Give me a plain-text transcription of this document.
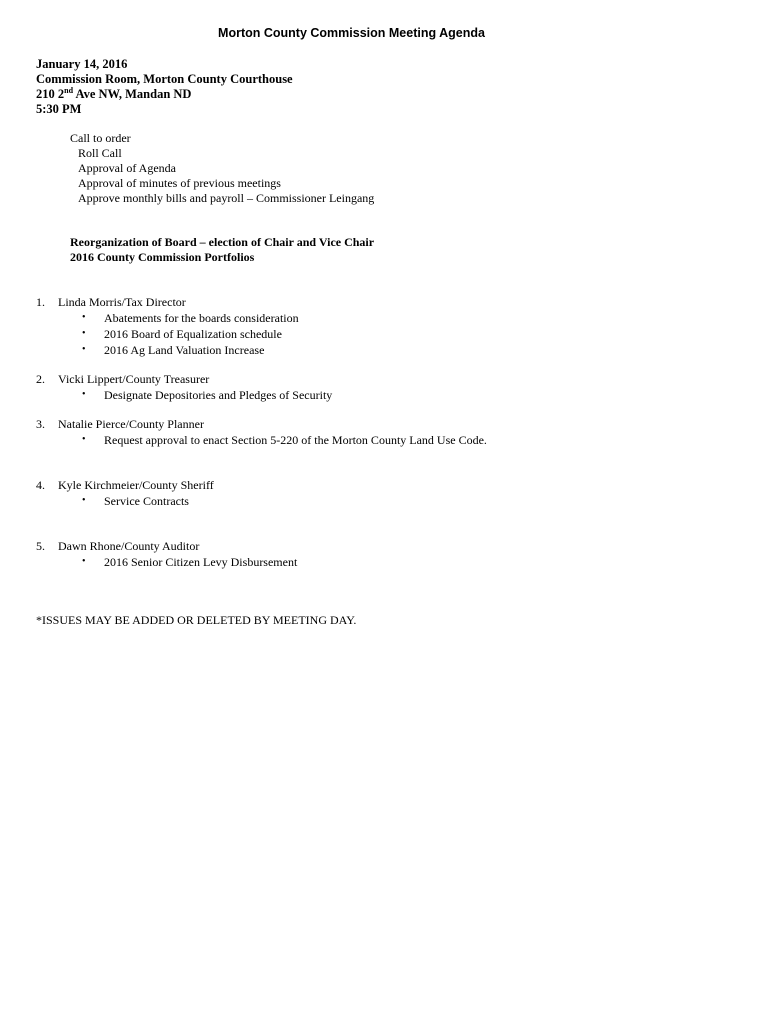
Morton County Commission Meeting Agenda
January 14, 2016
Commission Room, Morton County Courthouse
210 2nd Ave NW, Mandan ND
5:30 PM
Call to order
Roll Call
Approval of Agenda
Approval of minutes of previous meetings
Approve monthly bills and payroll – Commissioner Leingang
Reorganization of Board – election of Chair and Vice Chair
2016 County Commission Portfolios
1. Linda Morris/Tax Director
• Abatements for the boards consideration
• 2016 Board of Equalization schedule
• 2016 Ag Land Valuation Increase
2. Vicki Lippert/County Treasurer
• Designate Depositories and Pledges of Security
3. Natalie Pierce/County Planner
• Request approval to enact Section 5-220 of the Morton County Land Use Code.
4. Kyle Kirchmeier/County Sheriff
• Service Contracts
5. Dawn Rhone/County Auditor
• 2016 Senior Citizen Levy Disbursement
*ISSUES MAY BE ADDED OR DELETED BY MEETING DAY.
